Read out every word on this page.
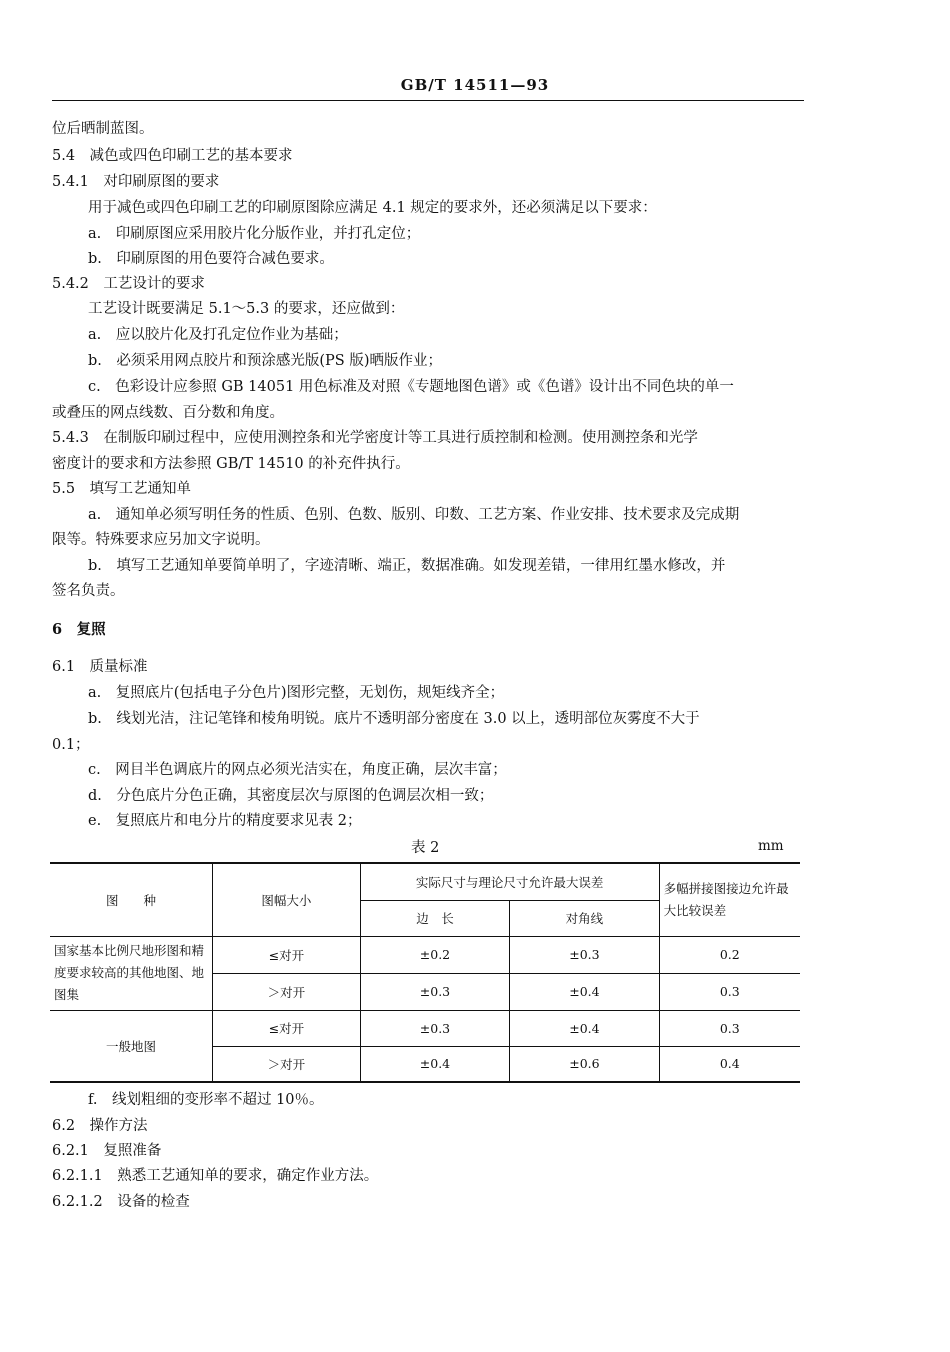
GB/T 14511—93
位后晒制蓝图。
5.4　减色或四色印刷工艺的基本要求
5.4.1　对印刷原图的要求
用于减色或四色印刷工艺的印刷原图除应满足 4.1 规定的要求外，还必须满足以下要求：
a.　印刷原图应采用胶片化分版作业，并打孔定位；
b.　印刷原图的用色要符合减色要求。
5.4.2　工艺设计的要求
工艺设计既要满足 5.1～5.3 的要求，还应做到：
a.　应以胶片化及打孔定位作业为基础；
b.　必须采用网点胶片和预涂感光版(PS 版)晒版作业；
c.　色彩设计应参照 GB 14051 用色标准及对照《专题地图色谱》或《色谱》设计出不同色块的单一
或叠压的网点线数、百分数和角度。
5.4.3　在制版印刷过程中，应使用测控条和光学密度计等工具进行质控制和检测。使用测控条和光学
密度计的要求和方法参照 GB/T 14510 的补充件执行。
5.5　填写工艺通知单
a.　通知单必须写明任务的性质、色别、色数、版别、印数、工艺方案、作业安排、技术要求及完成期
限等。特殊要求应另加文字说明。
b.　填写工艺通知单要简单明了，字迹清晰、端正，数据准确。如发现差错，一律用红墨水修改，并
签名负责。
6　复照
6.1　质量标准
a.　复照底片(包括电子分色片)图形完整，无划伤，规矩线齐全；
b.　线划光洁，注记笔锋和棱角明锐。底片不透明部分密度在 3.0 以上，透明部位灰雾度不大于
0.1；
c.　网目半色调底片的网点必须光洁实在，角度正确，层次丰富；
d.　分色底片分色正确，其密度层次与原图的色调层次相一致；
e.　复照底片和电分片的精度要求见表 2；
表 2	mm
图　　种	图幅大小	实际尺寸与理论尺寸允许最大误差		多幅拼接图接边允许最大比较误差
		边　长	对角线	
国家基本比例尺地形图和精度要求较高的其他地图、地图集	≤对开	±0.2	±0.3	0.2
	＞对开	±0.3	±0.4	0.3
一般地图	≤对开	±0.3	±0.4	0.3
	＞对开	±0.4	±0.6	0.4
f.　线划粗细的变形率不超过 10％。
6.2　操作方法
6.2.1　复照准备
6.2.1.1　熟悉工艺通知单的要求，确定作业方法。
6.2.1.2　设备的检查
